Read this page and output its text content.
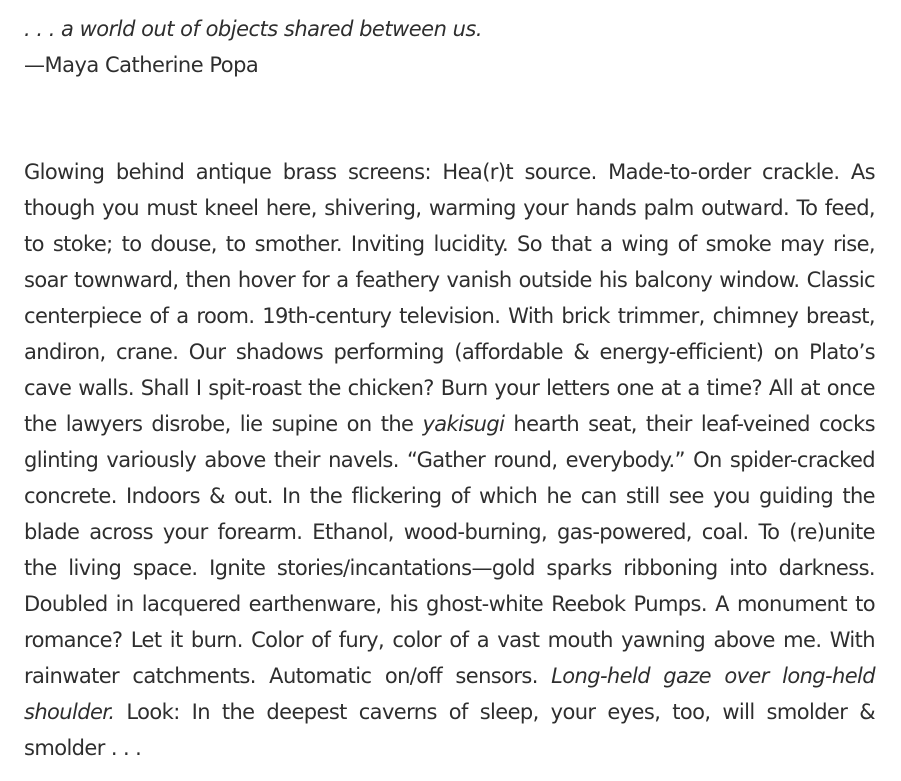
. . . a world out of objects shared between us.
—Maya Catherine Popa

Glowing behind antique brass screens: Hea(r)t source. Made-to-order crackle. As though you must kneel here, shivering, warming your hands palm outward. To feed, to stoke; to douse, to smother. Inviting lucidity. So that a wing of smoke may rise, soar townward, then hover for a feathery vanish outside his balcony window. Classic centerpiece of a room. 19th-century television. With brick trimmer, chimney breast, andiron, crane. Our shadows performing (affordable & energy-efficient) on Plato’s cave walls. Shall I spit-roast the chicken? Burn your letters one at a time? All at once the lawyers disrobe, lie supine on the yakisugi hearth seat, their leaf-veined cocks glinting variously above their navels. “Gather round, everybody.” On spider-cracked concrete. Indoors & out. In the flickering of which he can still see you guiding the blade across your forearm. Ethanol, wood-burning, gas-powered, coal. To (re)unite the living space. Ignite stories/incantations—gold sparks ribboning into darkness. Doubled in lacquered earthenware, his ghost-white Reebok Pumps. A monument to romance? Let it burn. Color of fury, color of a vast mouth yawning above me. With rainwater catchments. Automatic on/off sensors. Long-held gaze over long-held shoulder. Look: In the deepest caverns of sleep, your eyes, too, will smolder & smolder . . .
